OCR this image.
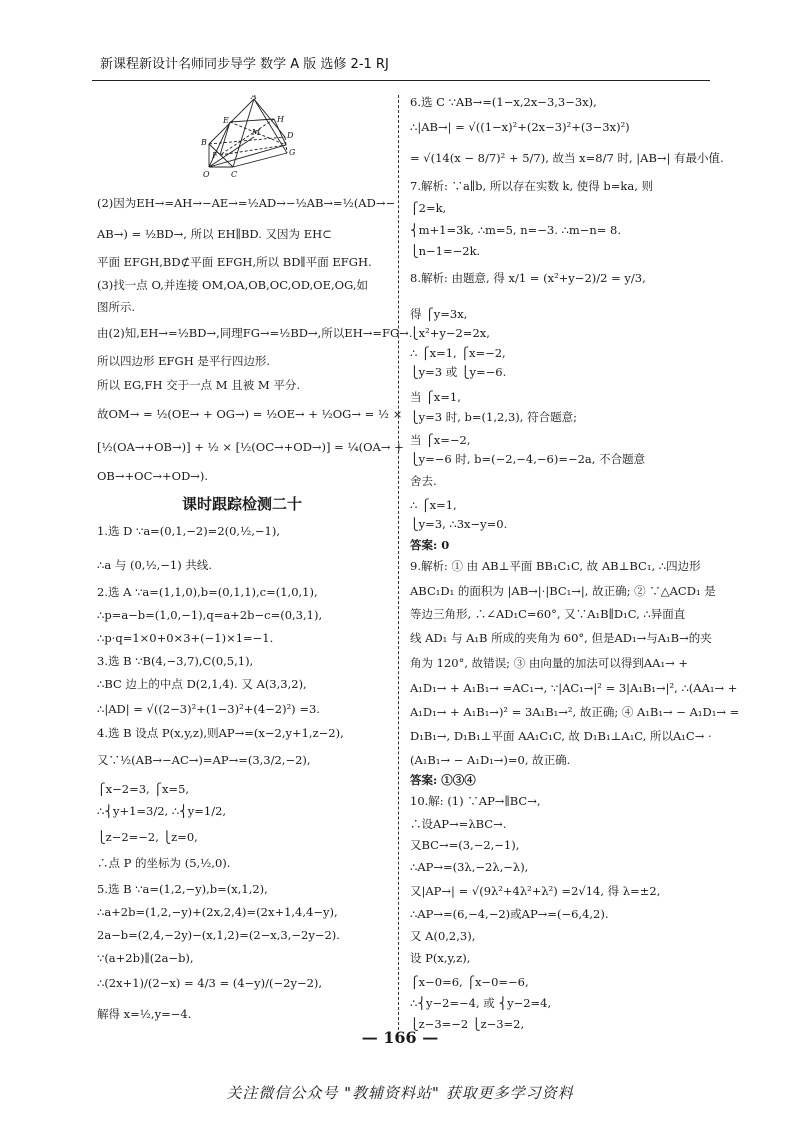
新课程新设计名师同步导学 数学 A 版 选修 2-1 RJ
A
E	H
M
F
B
D
C
G
O
(2)因为EH→=AH→−AE→=½AD→−½AB→=½(AD→−
AB→) = ½BD→, 所以 EH∥BD. 又因为 EH⊂
平面 EFGH,BD⊄平面 EFGH,所以 BD∥平面 EFGH.
(3)找一点 O,并连接 OM,OA,OB,OC,OD,OE,OG,如
图所示.
由(2)知,EH→=½BD→,同理FG→=½BD→,所以EH→=FG→.
所以四边形 EFGH 是平行四边形.
所以 EG,FH 交于一点 M 且被 M 平分.
故OM→ = ½(OE→ + OG→) = ½OE→ + ½OG→ = ½ ×
[½(OA→+OB→)] + ½ × [½(OC→+OD→)] = ¼(OA→ +
OB→+OC→+OD→).
课时跟踪检测二十
1.选 D ∵a=(0,1,−2)=2(0,½,−1),
∴a 与 (0,½,−1) 共线.
2.选 A ∵a=(1,1,0),b=(0,1,1),c=(1,0,1),
∴p=a−b=(1,0,−1),q=a+2b−c=(0,3,1),
∴p·q=1×0+0×3+(−1)×1=−1.
3.选 B ∵B(4,−3,7),C(0,5,1),
∴BC 边上的中点 D(2,1,4). 又 A(3,3,2),
∴|AD| = √((2−3)²+(1−3)²+(4−2)²) =3.
4.选 B 设点 P(x,y,z),则AP→=(x−2,y+1,z−2),
又∵½(AB→−AC→)=AP→=(3,3/2,−2),
⎧x−2=3, ⎧x=5,
∴⎨y+1=3/2, ∴⎨y=1/2,
⎩z−2=−2, ⎩z=0,
∴点 P 的坐标为 (5,½,0).
5.选 B ∵a=(1,2,−y),b=(x,1,2),
∴a+2b=(1,2,−y)+(2x,2,4)=(2x+1,4,4−y),
2a−b=(2,4,−2y)−(x,1,2)=(2−x,3,−2y−2).
∵(a+2b)∥(2a−b),
∴(2x+1)/(2−x) = 4/3 = (4−y)/(−2y−2),
解得 x=½,y=−4.
6.选 C ∵AB→=(1−x,2x−3,3−3x),
∴|AB→| = √((1−x)²+(2x−3)²+(3−3x)²)
= √(14(x − 8/7)² + 5/7), 故当 x=8/7 时, |AB→| 有最小值.
7.解析: ∵a∥b, 所以存在实数 k, 使得 b=ka, 则
⎧2=k,
⎨m+1=3k, ∴m=5, n=−3. ∴m−n= 8.
⎩n−1=−2k.
8.解析: 由题意, 得 x/1 = (x²+y−2)/2 = y/3,
得 ⎧y=3x,
⎩x²+y−2=2x,
∴ ⎧x=1, ⎧x=−2,
⎩y=3 或 ⎩y=−6.
当 ⎧x=1,
⎩y=3 时, b=(1,2,3), 符合题意;
当 ⎧x=−2,
⎩y=−6 时, b=(−2,−4,−6)=−2a, 不合题意
舍去.
∴ ⎧x=1,
⎩y=3, ∴3x−y=0.
答案: 0
9.解析: ① 由 AB⊥平面 BB₁C₁C, 故 AB⊥BC₁, ∴四边形
ABC₁D₁ 的面积为 |AB→|·|BC₁→|, 故正确; ② ∵△ACD₁ 是
等边三角形, ∴∠AD₁C=60°, 又∵A₁B∥D₁C, ∴异面直
线 AD₁ 与 A₁B 所成的夹角为 60°, 但是AD₁→与A₁B→的夹
角为 120°, 故错误; ③ 由向量的加法可以得到AA₁→ +
A₁D₁→ + A₁B₁→ =AC₁→, ∵|AC₁→|² = 3|A₁B₁→|², ∴(AA₁→ +
A₁D₁→ + A₁B₁→)² = 3A₁B₁→², 故正确; ④ A₁B₁→ − A₁D₁→ =
D₁B₁→, D₁B₁⊥平面 AA₁C₁C, 故 D₁B₁⊥A₁C, 所以A₁C→ ·
(A₁B₁→ − A₁D₁→)=0, 故正确.
答案: ①③④
10.解: (1) ∵AP→∥BC→,
∴设AP→=λBC→.
又BC→=(3,−2,−1),
∴AP→=(3λ,−2λ,−λ),
又|AP→| = √(9λ²+4λ²+λ²) =2√14, 得 λ=±2,
∴AP→=(6,−4,−2)或AP→=(−6,4,2).
又 A(0,2,3),
设 P(x,y,z),
⎧x−0=6, ⎧x−0=−6,
∴⎨y−2=−4, 或 ⎨y−2=4,
⎩z−3=−2 ⎩z−3=2,
— 166 —
关注微信公众号 "教辅资料站" 获取更多学习资料
